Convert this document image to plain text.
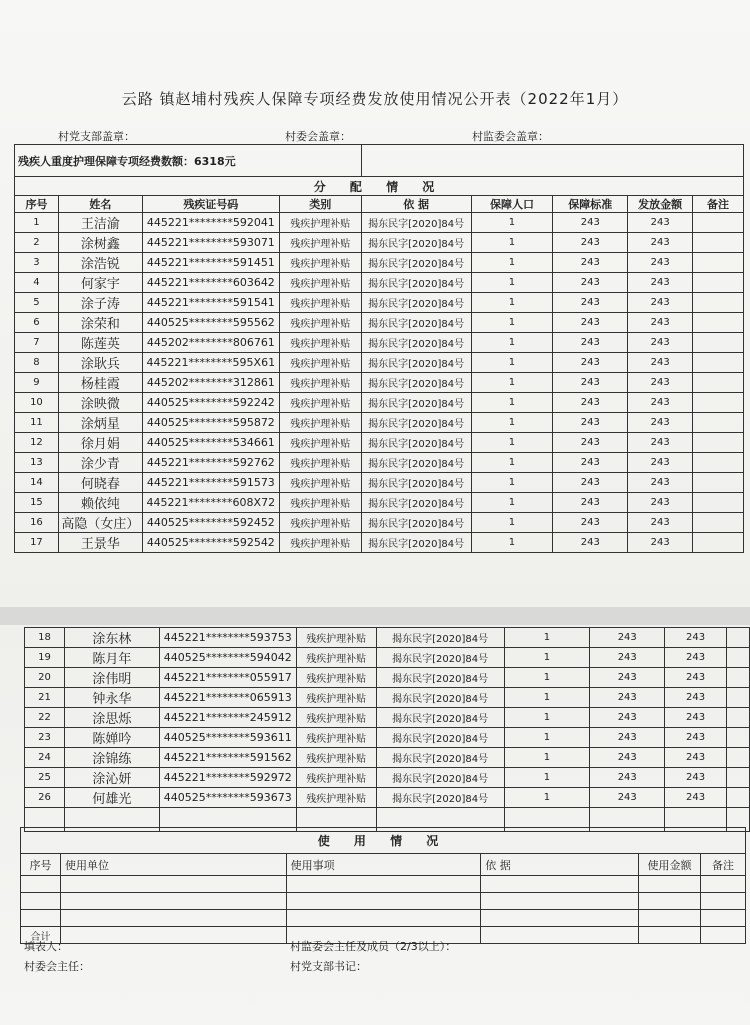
云路 镇赵埔村残疾人保障专项经费发放使用情况公开表（2022年1月）
村党支部盖章：	村委会盖章：	村监委会盖章：
残疾人重度护理保障专项经费数额：6318元								
分 配 情 况								
序号	姓名	残疾证号码	类别	依 据	保障人口	保障标准	发放金额	备注
1	王洁渝	445221********592041	残疾护理补贴	揭东民字[2020]84号	1	243	243	
2	涂树鑫	445221********593071	残疾护理补贴	揭东民字[2020]84号	1	243	243	
3	涂浩锐	445221********591451	残疾护理补贴	揭东民字[2020]84号	1	243	243	
4	何家宇	445221********603642	残疾护理补贴	揭东民字[2020]84号	1	243	243	
5	涂子涛	445221********591541	残疾护理补贴	揭东民字[2020]84号	1	243	243	
6	涂荣和	440525********595562	残疾护理补贴	揭东民字[2020]84号	1	243	243	
7	陈莲英	445202********806761	残疾护理补贴	揭东民字[2020]84号	1	243	243	
8	涂耿兵	445221********595X61	残疾护理补贴	揭东民字[2020]84号	1	243	243	
9	杨桂霞	445202********312861	残疾护理补贴	揭东民字[2020]84号	1	243	243	
10	涂映微	440525********592242	残疾护理补贴	揭东民字[2020]84号	1	243	243	
11	涂炳星	440525********595872	残疾护理补贴	揭东民字[2020]84号	1	243	243	
12	徐月娟	440525********534661	残疾护理补贴	揭东民字[2020]84号	1	243	243	
13	涂少青	445221********592762	残疾护理补贴	揭东民字[2020]84号	1	243	243	
14	何晓春	445221********591573	残疾护理补贴	揭东民字[2020]84号	1	243	243	
15	赖依纯	445221********608X72	残疾护理补贴	揭东民字[2020]84号	1	243	243	
16	高隐（女庄）	440525********592452	残疾护理补贴	揭东民字[2020]84号	1	243	243	
17	王景华	440525********592542	残疾护理补贴	揭东民字[2020]84号	1	243	243	
18	涂东林	445221********593753	残疾护理补贴	揭东民字[2020]84号	1	243	243	
19	陈月年	440525********594042	残疾护理补贴	揭东民字[2020]84号	1	243	243	
20	涂伟明	445221********055917	残疾护理补贴	揭东民字[2020]84号	1	243	243	
21	钟永华	445221********065913	残疾护理补贴	揭东民字[2020]84号	1	243	243	
22	涂思烁	445221********245912	残疾护理补贴	揭东民字[2020]84号	1	243	243	
23	陈婵吟	440525********593611	残疾护理补贴	揭东民字[2020]84号	1	243	243	
24	涂锦练	445221********591562	残疾护理补贴	揭东民字[2020]84号	1	243	243	
25	涂沁妍	445221********592972	残疾护理补贴	揭东民字[2020]84号	1	243	243	
26	何雄光	440525********593673	残疾护理补贴	揭东民字[2020]84号	1	243	243	

使 用 情 况					
序号	使用单位	使用事项	依 据	使用金额	备注

合计					
填表人：	村监委会主任及成员（2/3以上）：
村委会主任：	村党支部书记：
